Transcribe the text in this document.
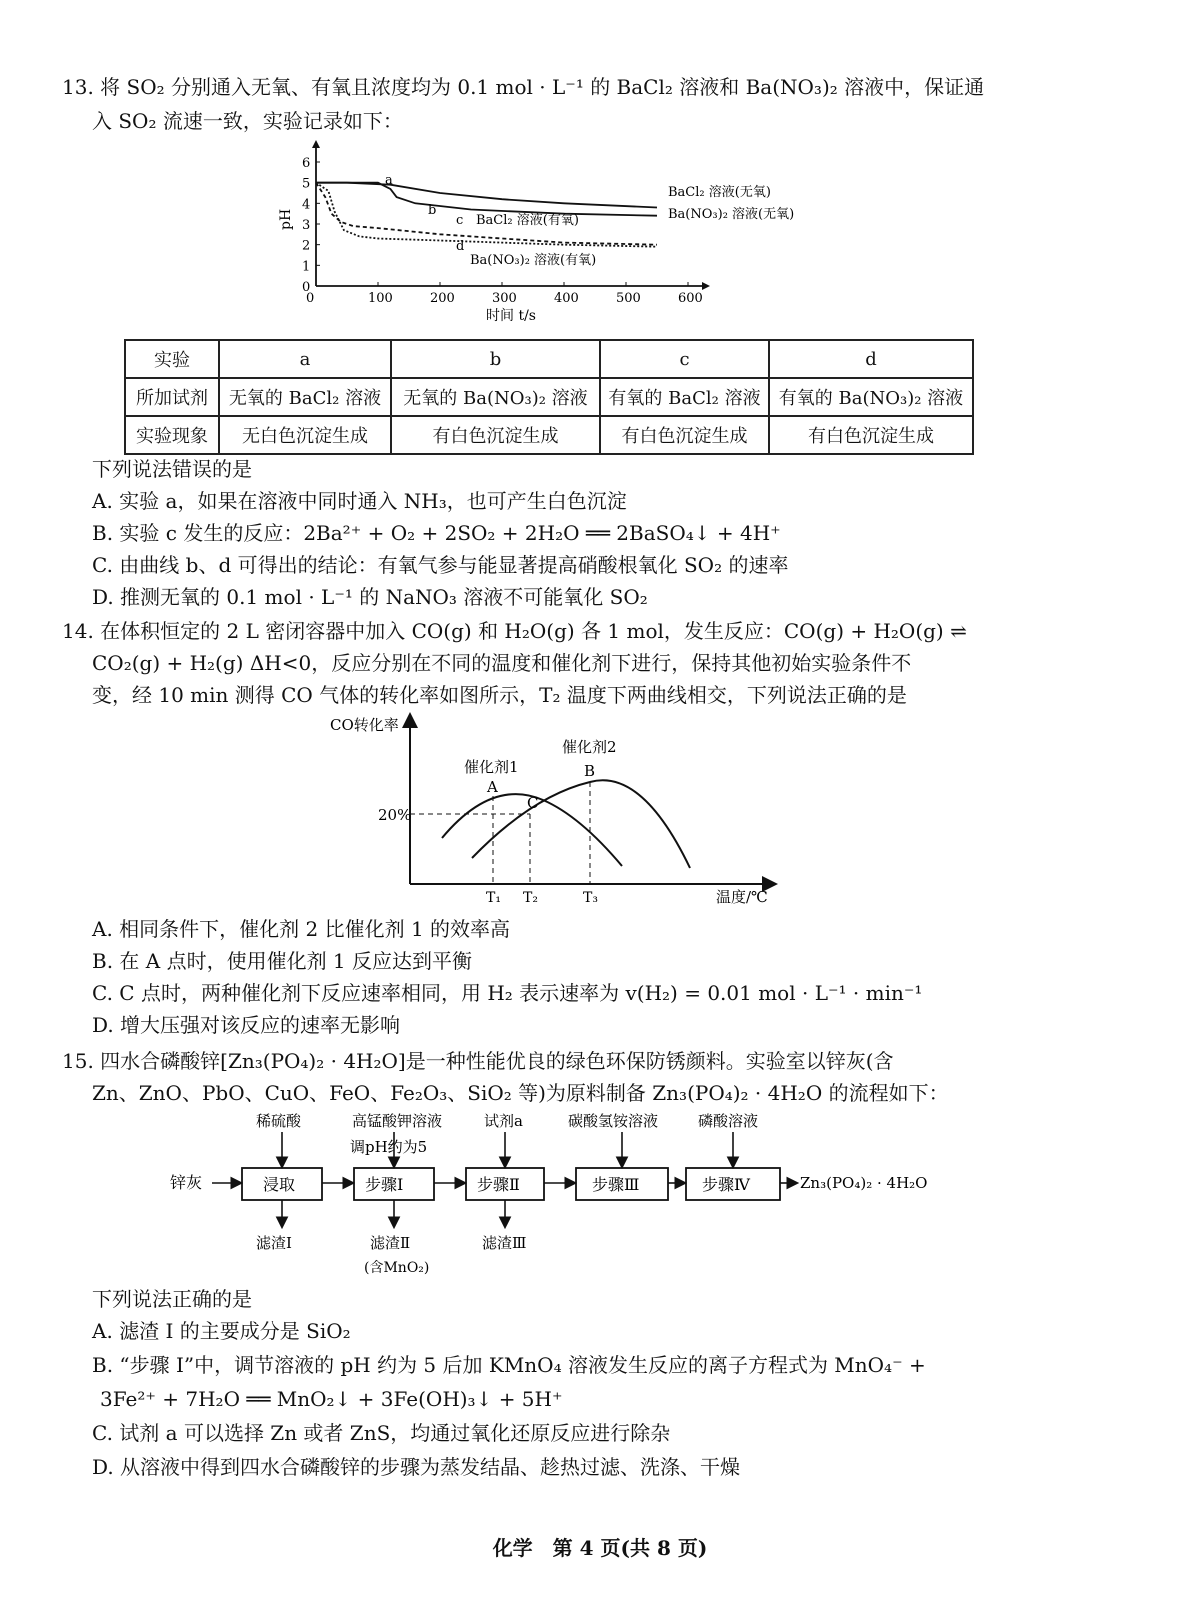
13. 将 SO₂ 分别通入无氧、有氧且浓度均为 0.1 mol · L⁻¹ 的 BaCl₂ 溶液和 Ba(NO₃)₂ 溶液中，保证通
入 SO₂ 流速一致，实验记录如下：
0	100	200	300	400	500	600
0
1
2
3
4
5
6
pH
时间 t/s
a
BaCl₂ 溶液(无氧)
b	Ba(NO₃)₂ 溶液(无氧)
c BaCl₂ 溶液(有氧)
d
Ba(NO₃)₂ 溶液(有氧)
实验	a	b	c	d
所加试剂	无氧的 BaCl₂ 溶液	无氧的 Ba(NO₃)₂ 溶液	有氧的 BaCl₂ 溶液	有氧的 Ba(NO₃)₂ 溶液
实验现象	无白色沉淀生成	有白色沉淀生成	有白色沉淀生成	有白色沉淀生成
下列说法错误的是
A. 实验 a，如果在溶液中同时通入 NH₃，也可产生白色沉淀
B. 实验 c 发生的反应：2Ba²⁺ + O₂ + 2SO₂ + 2H₂O ══ 2BaSO₄↓ + 4H⁺
C. 由曲线 b、d 可得出的结论：有氧气参与能显著提高硝酸根氧化 SO₂ 的速率
D. 推测无氧的 0.1 mol · L⁻¹ 的 NaNO₃ 溶液不可能氧化 SO₂
14. 在体积恒定的 2 L 密闭容器中加入 CO(g) 和 H₂O(g) 各 1 mol，发生反应：CO(g) + H₂O(g) ⇌
CO₂(g) + H₂(g) ΔH<0，反应分别在不同的温度和催化剂下进行，保持其他初始实验条件不
变，经 10 min 测得 CO 气体的转化率如图所示，T₂ 温度下两曲线相交，下列说法正确的是
CO转化率
温度/℃
20%
催化剂1
催化剂2
A
B
C
T₁ T₂	T₃
A. 相同条件下，催化剂 2 比催化剂 1 的效率高
B. 在 A 点时，使用催化剂 1 反应达到平衡
C. C 点时，两种催化剂下反应速率相同，用 H₂ 表示速率为 v(H₂) = 0.01 mol · L⁻¹ · min⁻¹
D. 增大压强对该反应的速率无影响
15. 四水合磷酸锌[Zn₃(PO₄)₂ · 4H₂O]是一种性能优良的绿色环保防锈颜料。实验室以锌灰(含
Zn、ZnO、PbO、CuO、FeO、Fe₂O₃、SiO₂ 等)为原料制备 Zn₃(PO₄)₂ · 4H₂O 的流程如下：
锌灰	浸取	步骤Ⅰ	步骤Ⅱ	步骤Ⅲ	步骤Ⅳ	Zn₃(PO₄)₂ · 4H₂O
稀硫酸	高锰酸钾溶液
调pH约为5
试剂a	碳酸氢铵溶液	磷酸溶液
滤渣Ⅰ	滤渣Ⅱ
(含MnO₂)
滤渣Ⅲ
下列说法正确的是
A. 滤渣 Ⅰ 的主要成分是 SiO₂
B. “步骤 Ⅰ”中，调节溶液的 pH 约为 5 后加 KMnO₄ 溶液发生反应的离子方程式为 MnO₄⁻ +
3Fe²⁺ + 7H₂O ══ MnO₂↓ + 3Fe(OH)₃↓ + 5H⁺
C. 试剂 a 可以选择 Zn 或者 ZnS，均通过氧化还原反应进行除杂
D. 从溶液中得到四水合磷酸锌的步骤为蒸发结晶、趁热过滤、洗涤、干燥
化学　第 4 页(共 8 页)
